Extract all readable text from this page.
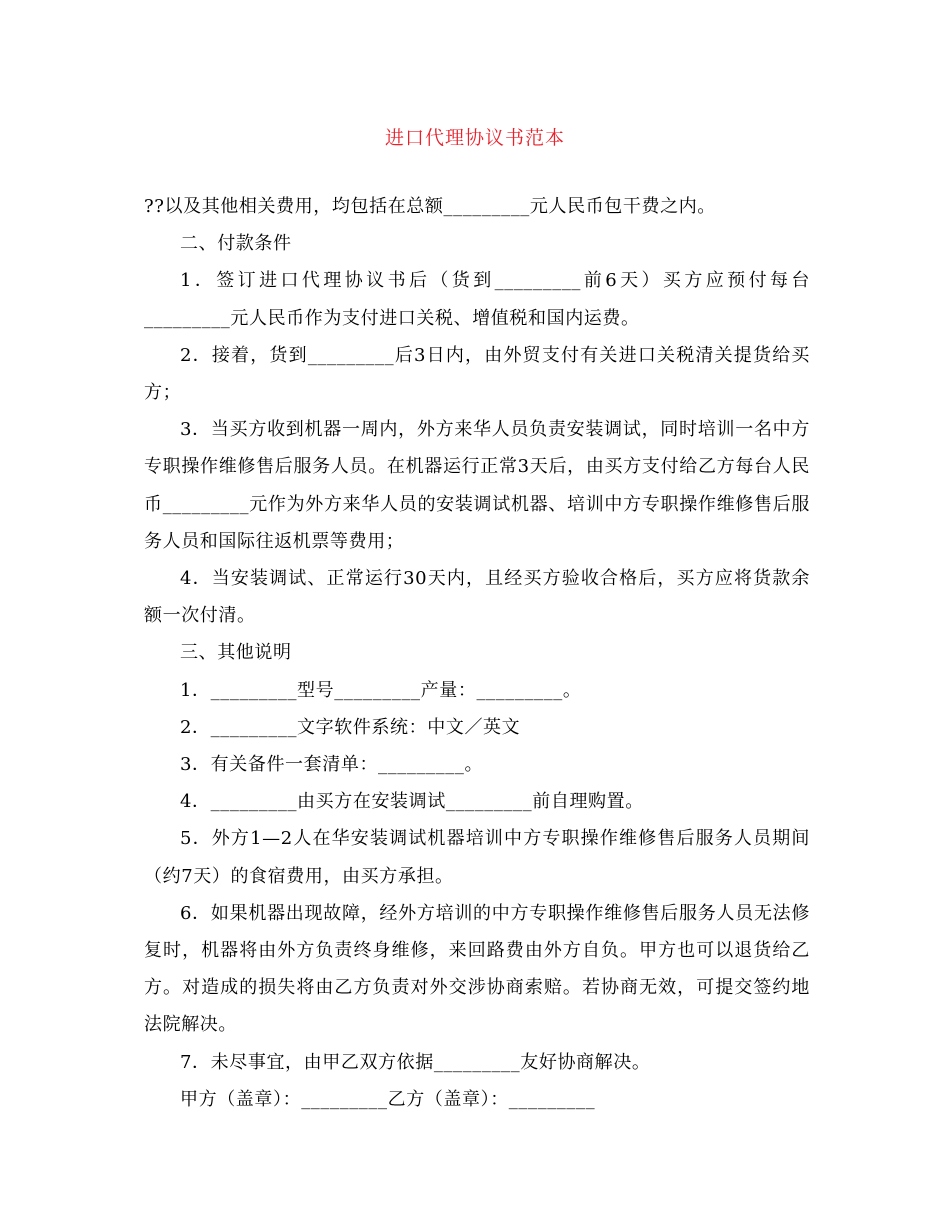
进口代理协议书范本

??以及其他相关费用，均包括在总额_________元人民币包干费之内。

二、付款条件

1．签订进口代理协议书后（货到_________前6天）买方应预付每台_________元人民币作为支付进口关税、增值税和国内运费。

2．接着，货到_________后3日内，由外贸支付有关进口关税清关提货给买方；

3．当买方收到机器一周内，外方来华人员负责安装调试，同时培训一名中方专职操作维修售后服务人员。在机器运行正常3天后，由买方支付给乙方每台人民币_________元作为外方来华人员的安装调试机器、培训中方专职操作维修售后服务人员和国际往返机票等费用；

4．当安装调试、正常运行30天内，且经买方验收合格后，买方应将货款余额一次付清。

三、其他说明

1．_________型号_________产量：_________。

2．_________文字软件系统：中文／英文

3．有关备件一套清单：_________。

4．_________由买方在安装调试_________前自理购置。

5．外方1—2人在华安装调试机器培训中方专职操作维修售后服务人员期间（约7天）的食宿费用，由买方承担。

6．如果机器出现故障，经外方培训的中方专职操作维修售后服务人员无法修复时，机器将由外方负责终身维修，来回路费由外方自负。甲方也可以退货给乙方。对造成的损失将由乙方负责对外交涉协商索赔。若协商无效，可提交签约地法院解决。

7．未尽事宜，由甲乙双方依据_________友好协商解决。

甲方（盖章）：_________乙方（盖章）：_________
